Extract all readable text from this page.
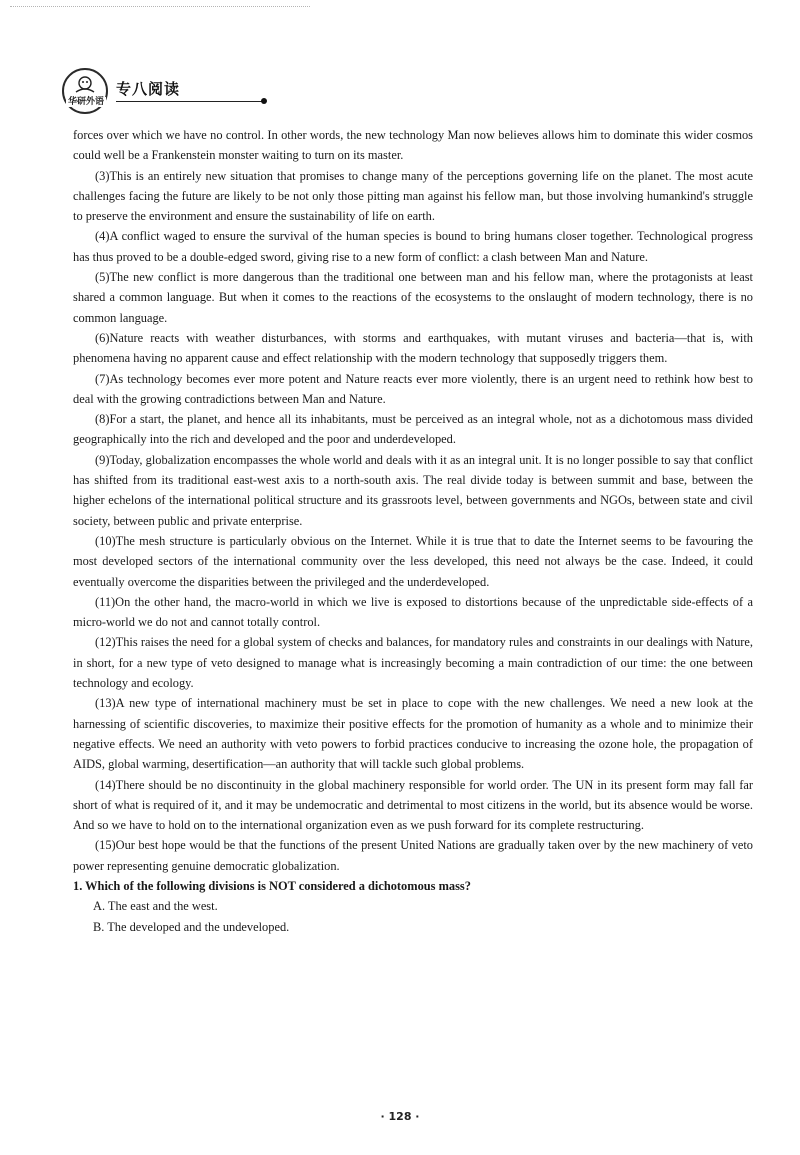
华研外语
专八阅读

forces over which we have no control. In other words, the new technology Man now believes allows him to dominate this wider cosmos could well be a Frankenstein monster waiting to turn on its master.

(3)This is an entirely new situation that promises to change many of the perceptions governing life on the planet. The most acute challenges facing the future are likely to be not only those pitting man against his fellow man, but those involving humankind's struggle to preserve the environment and ensure the sustainability of life on earth.

(4)A conflict waged to ensure the survival of the human species is bound to bring humans closer together. Technological progress has thus proved to be a double-edged sword, giving rise to a new form of conflict: a clash between Man and Nature.

(5)The new conflict is more dangerous than the traditional one between man and his fellow man, where the protagonists at least shared a common language. But when it comes to the reactions of the ecosystems to the onslaught of modern technology, there is no common language.

(6)Nature reacts with weather disturbances, with storms and earthquakes, with mutant viruses and bacteria—that is, with phenomena having no apparent cause and effect relationship with the modern technology that supposedly triggers them.

(7)As technology becomes ever more potent and Nature reacts ever more violently, there is an urgent need to rethink how best to deal with the growing contradictions between Man and Nature.

(8)For a start, the planet, and hence all its inhabitants, must be perceived as an integral whole, not as a dichotomous mass divided geographically into the rich and developed and the poor and underdeveloped.

(9)Today, globalization encompasses the whole world and deals with it as an integral unit. It is no longer possible to say that conflict has shifted from its traditional east-west axis to a north-south axis. The real divide today is between summit and base, between the higher echelons of the international political structure and its grassroots level, between governments and NGOs, between state and civil society, between public and private enterprise.

(10)The mesh structure is particularly obvious on the Internet. While it is true that to date the Internet seems to be favouring the most developed sectors of the international community over the less developed, this need not always be the case. Indeed, it could eventually overcome the disparities between the privileged and the underdeveloped.

(11)On the other hand, the macro-world in which we live is exposed to distortions because of the unpredictable side-effects of a micro-world we do not and cannot totally control.

(12)This raises the need for a global system of checks and balances, for mandatory rules and constraints in our dealings with Nature, in short, for a new type of veto designed to manage what is increasingly becoming a main contradiction of our time: the one between technology and ecology.

(13)A new type of international machinery must be set in place to cope with the new challenges. We need a new look at the harnessing of scientific discoveries, to maximize their positive effects for the promotion of humanity as a whole and to minimize their negative effects. We need an authority with veto powers to forbid practices conducive to increasing the ozone hole, the propagation of AIDS, global warming, desertification—an authority that will tackle such global problems.

(14)There should be no discontinuity in the global machinery responsible for world order. The UN in its present form may fall far short of what is required of it, and it may be undemocratic and detrimental to most citizens in the world, but its absence would be worse. And so we have to hold on to the international organization even as we push forward for its complete restructuring.

(15)Our best hope would be that the functions of the present United Nations are gradually taken over by the new machinery of veto power representing genuine democratic globalization.

1. Which of the following divisions is NOT considered a dichotomous mass?

A. The east and the west.

B. The developed and the undeveloped.

· 128 ·
